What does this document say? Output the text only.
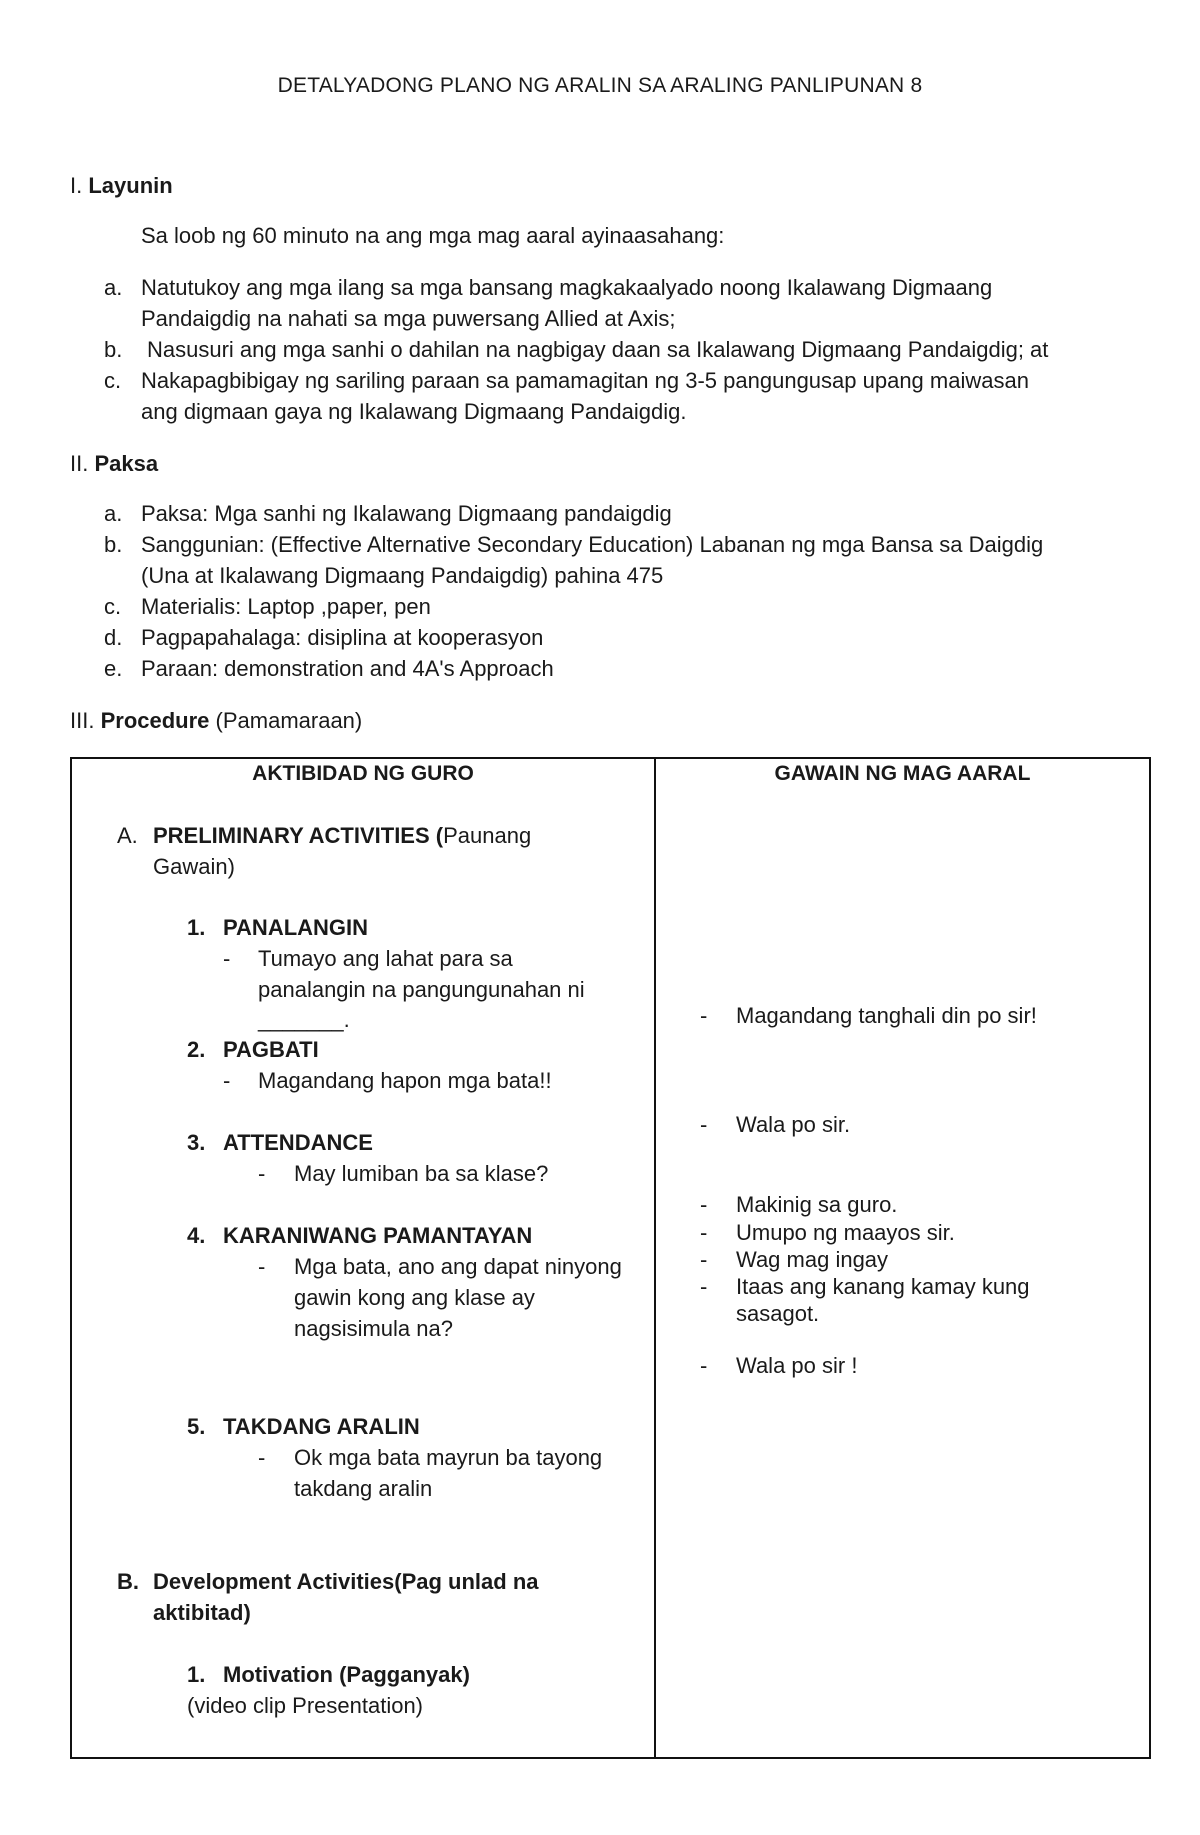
DETALYADONG PLANO NG ARALIN SA ARALING PANLIPUNAN 8
I. Layunin
Sa loob ng 60 minuto na ang mga mag aaral ayinaasahang:
a. Natutukoy ang mga ilang sa mga bansang magkakaalyado noong Ikalawang Digmaang
Pandaigdig na nahati sa mga puwersang Allied at Axis;
b. Nasusuri ang mga sanhi o dahilan na nagbigay daan sa Ikalawang Digmaang Pandaigdig; at
c. Nakapagbibigay ng sariling paraan sa pamamagitan ng 3-5 pangungusap upang maiwasan
ang digmaan gaya ng Ikalawang Digmaang Pandaigdig.
II. Paksa
a. Paksa: Mga sanhi ng Ikalawang Digmaang pandaigdig
b. Sanggunian: (Effective Alternative Secondary Education) Labanan ng mga Bansa sa Daigdig
(Una at Ikalawang Digmaang Pandaigdig) pahina 475
c. Materialis: Laptop ,paper, pen
d. Pagpapahalaga: disiplina at kooperasyon
e. Paraan: demonstration and 4A's Approach
III. Procedure (Pamamaraan)
AKTIBIDAD NG GURO	GAWAIN NG MAG AARAL
A. PRELIMINARY ACTIVITIES (Paunang
Gawain)
1. PANALANGIN
- Tumayo ang lahat para sa
panalangin na pangungunahan ni
_______.
2. PAGBATI
- Magandang hapon mga bata!!
3. ATTENDANCE
- May lumiban ba sa klase?
4. KARANIWANG PAMANTAYAN
- Mga bata, ano ang dapat ninyong
gawin kong ang klase ay
nagsisimula na?
5. TAKDANG ARALIN
- Ok mga bata mayrun ba tayong
takdang aralin
B. Development Activities(Pag unlad na
aktibitad)
1. Motivation (Pagganyak)
(video clip Presentation)
- Magandang tanghali din po sir!
- Wala po sir.
- Makinig sa guro.
- Umupo ng maayos sir.
- Wag mag ingay
- Itaas ang kanang kamay kung
sasagot.
- Wala po sir !
